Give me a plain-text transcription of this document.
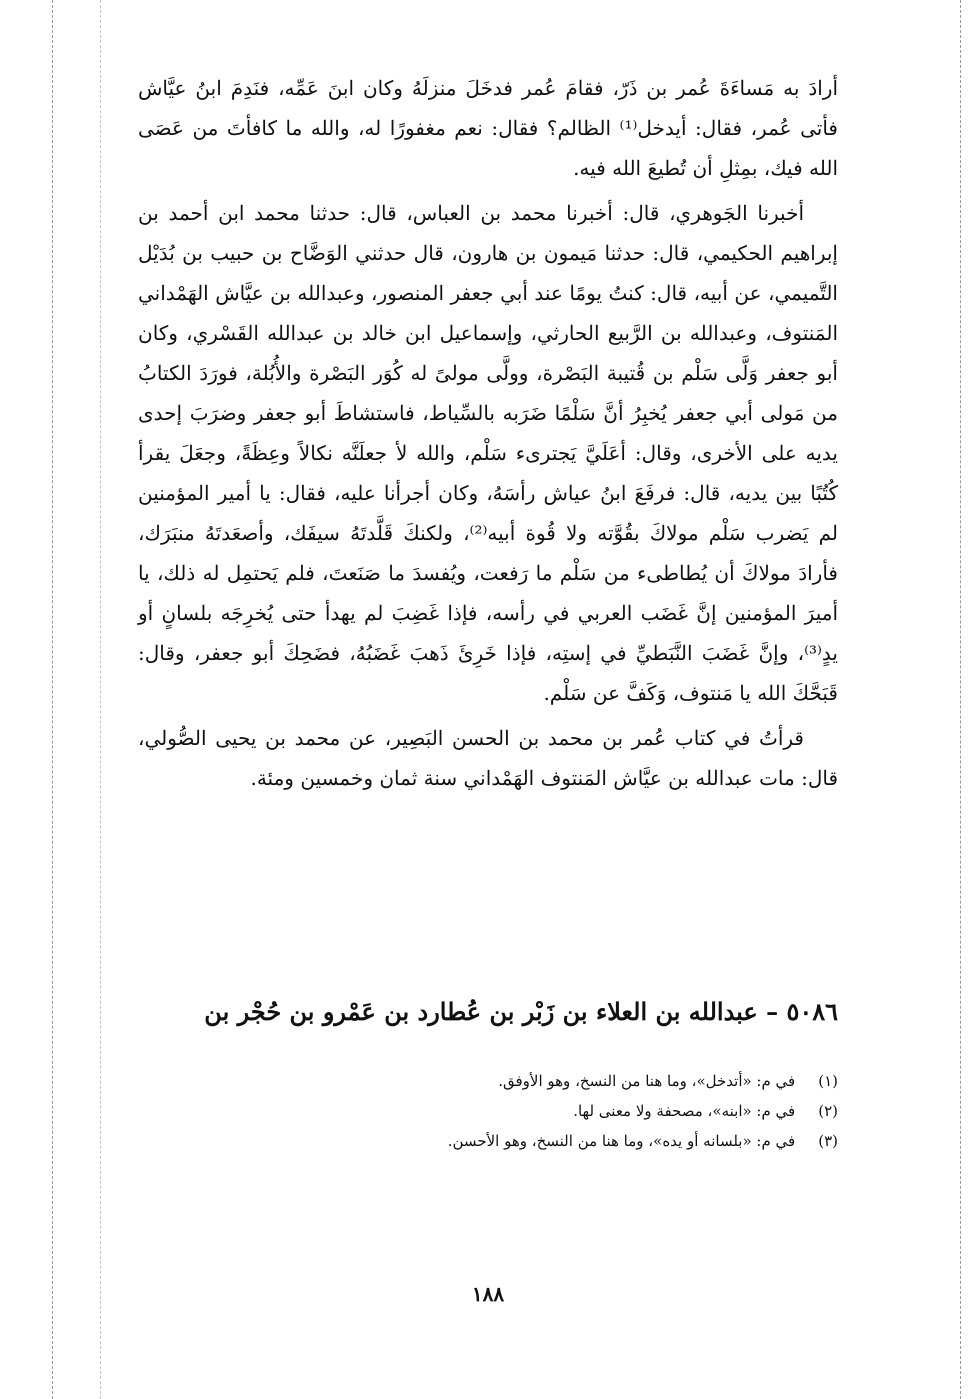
أرادَ به مَساءَةَ عُمر بن ذَرّ، فقامَ عُمر فدخَلَ منزلَهُ وكان ابنَ عَمِّه، فنَدِمَ ابنُ عيَّاش فأتى عُمر، فقال: أيدخل⁽¹⁾ الظالم؟ فقال: نعم مغفورًا له، والله ما كافأتَ من عَصَى الله فيك، بمِثلِ أن تُطيعَ الله فيه.

أخبرنا الجَوهري، قال: أخبرنا محمد بن العباس، قال: حدثنا محمد ابن أحمد بن إبراهيم الحكيمي، قال: حدثنا مَيمون بن هارون، قال حدثني الوَضَّاح بن حبيب بن بُدَيْل التَّميمي، عن أبيه، قال: كنتُ يومًا عند أبي جعفر المنصور، وعبدالله بن عيَّاش الهَمْداني المَنتوف، وعبدالله بن الرَّبيع الحارثي، وإسماعيل ابن خالد بن عبدالله القَسْري، وكان أبو جعفر وَلَّى سَلْم بن قُتيبة البَصْرة، وولَّى مولىً له كُوَر البَصْرة والأُبُلة، فورَدَ الكتابُ من مَولى أبي جعفر يُخبِرُ أنَّ سَلْمًا ضَرَبه بالسِّياط، فاستشاطَ أبو جعفر وضرَبَ إحدى يديه على الأخرى، وقال: أعَلَيَّ يَجترىء سَلْم، والله لأ جعلَنَّه نكالاً وعِظَةً، وجعَلَ يقرأ كُتُبًا بين يديه، قال: فرفَعَ ابنُ عياش رأسَهُ، وكان أجرأنا عليه، فقال: يا أمير المؤمنين لم يَضرب سَلْم مولاكَ بقُوَّته ولا قُوة أبيه⁽²⁾، ولكنكَ قَلَّدتَهُ سيفَك، وأصعَدتَهُ منبَرَك، فأرادَ مولاكَ أن يُطاطىء من سَلْم ما رَفعت، ويُفسدَ ما صَنَعتَ، فلم يَحتمِل له ذلك، يا أميرَ المؤمنين إنَّ غَضَب العربي في رأسه، فإذا غَضِبَ لم يهدأ حتى يُخرِجَه بلسانٍ أو يدٍ⁽³⁾، وإنَّ غَضَبَ النَّبَطيِّ في إستِه، فإذا خَرِئَ ذَهبَ غَضَبُهُ، فضَحِكَ أبو جعفر، وقال: قَبَحَّكَ الله يا مَنتوف، وَكَفَّ عن سَلْم.

قرأتُ في كتاب عُمر بن محمد بن الحسن البَصِير، عن محمد بن يحيى الصُّولي، قال: مات عبدالله بن عيَّاش المَنتوف الهَمْداني سنة ثمان وخمسين ومئة.

٥٠٨٦ – عبدالله بن العلاء بن زَبْر بن عُطارد بن عَمْرو بن حُجْر بن
(١) في م: «أتدخل»، وما هنا من النسخ، وهو الأوفق.
(٢) في م: «ابنه»، مصحفة ولا معنى لها.
(٣) في م: «بلسانه أو يده»، وما هنا من النسخ، وهو الأحسن.
١٨٨
